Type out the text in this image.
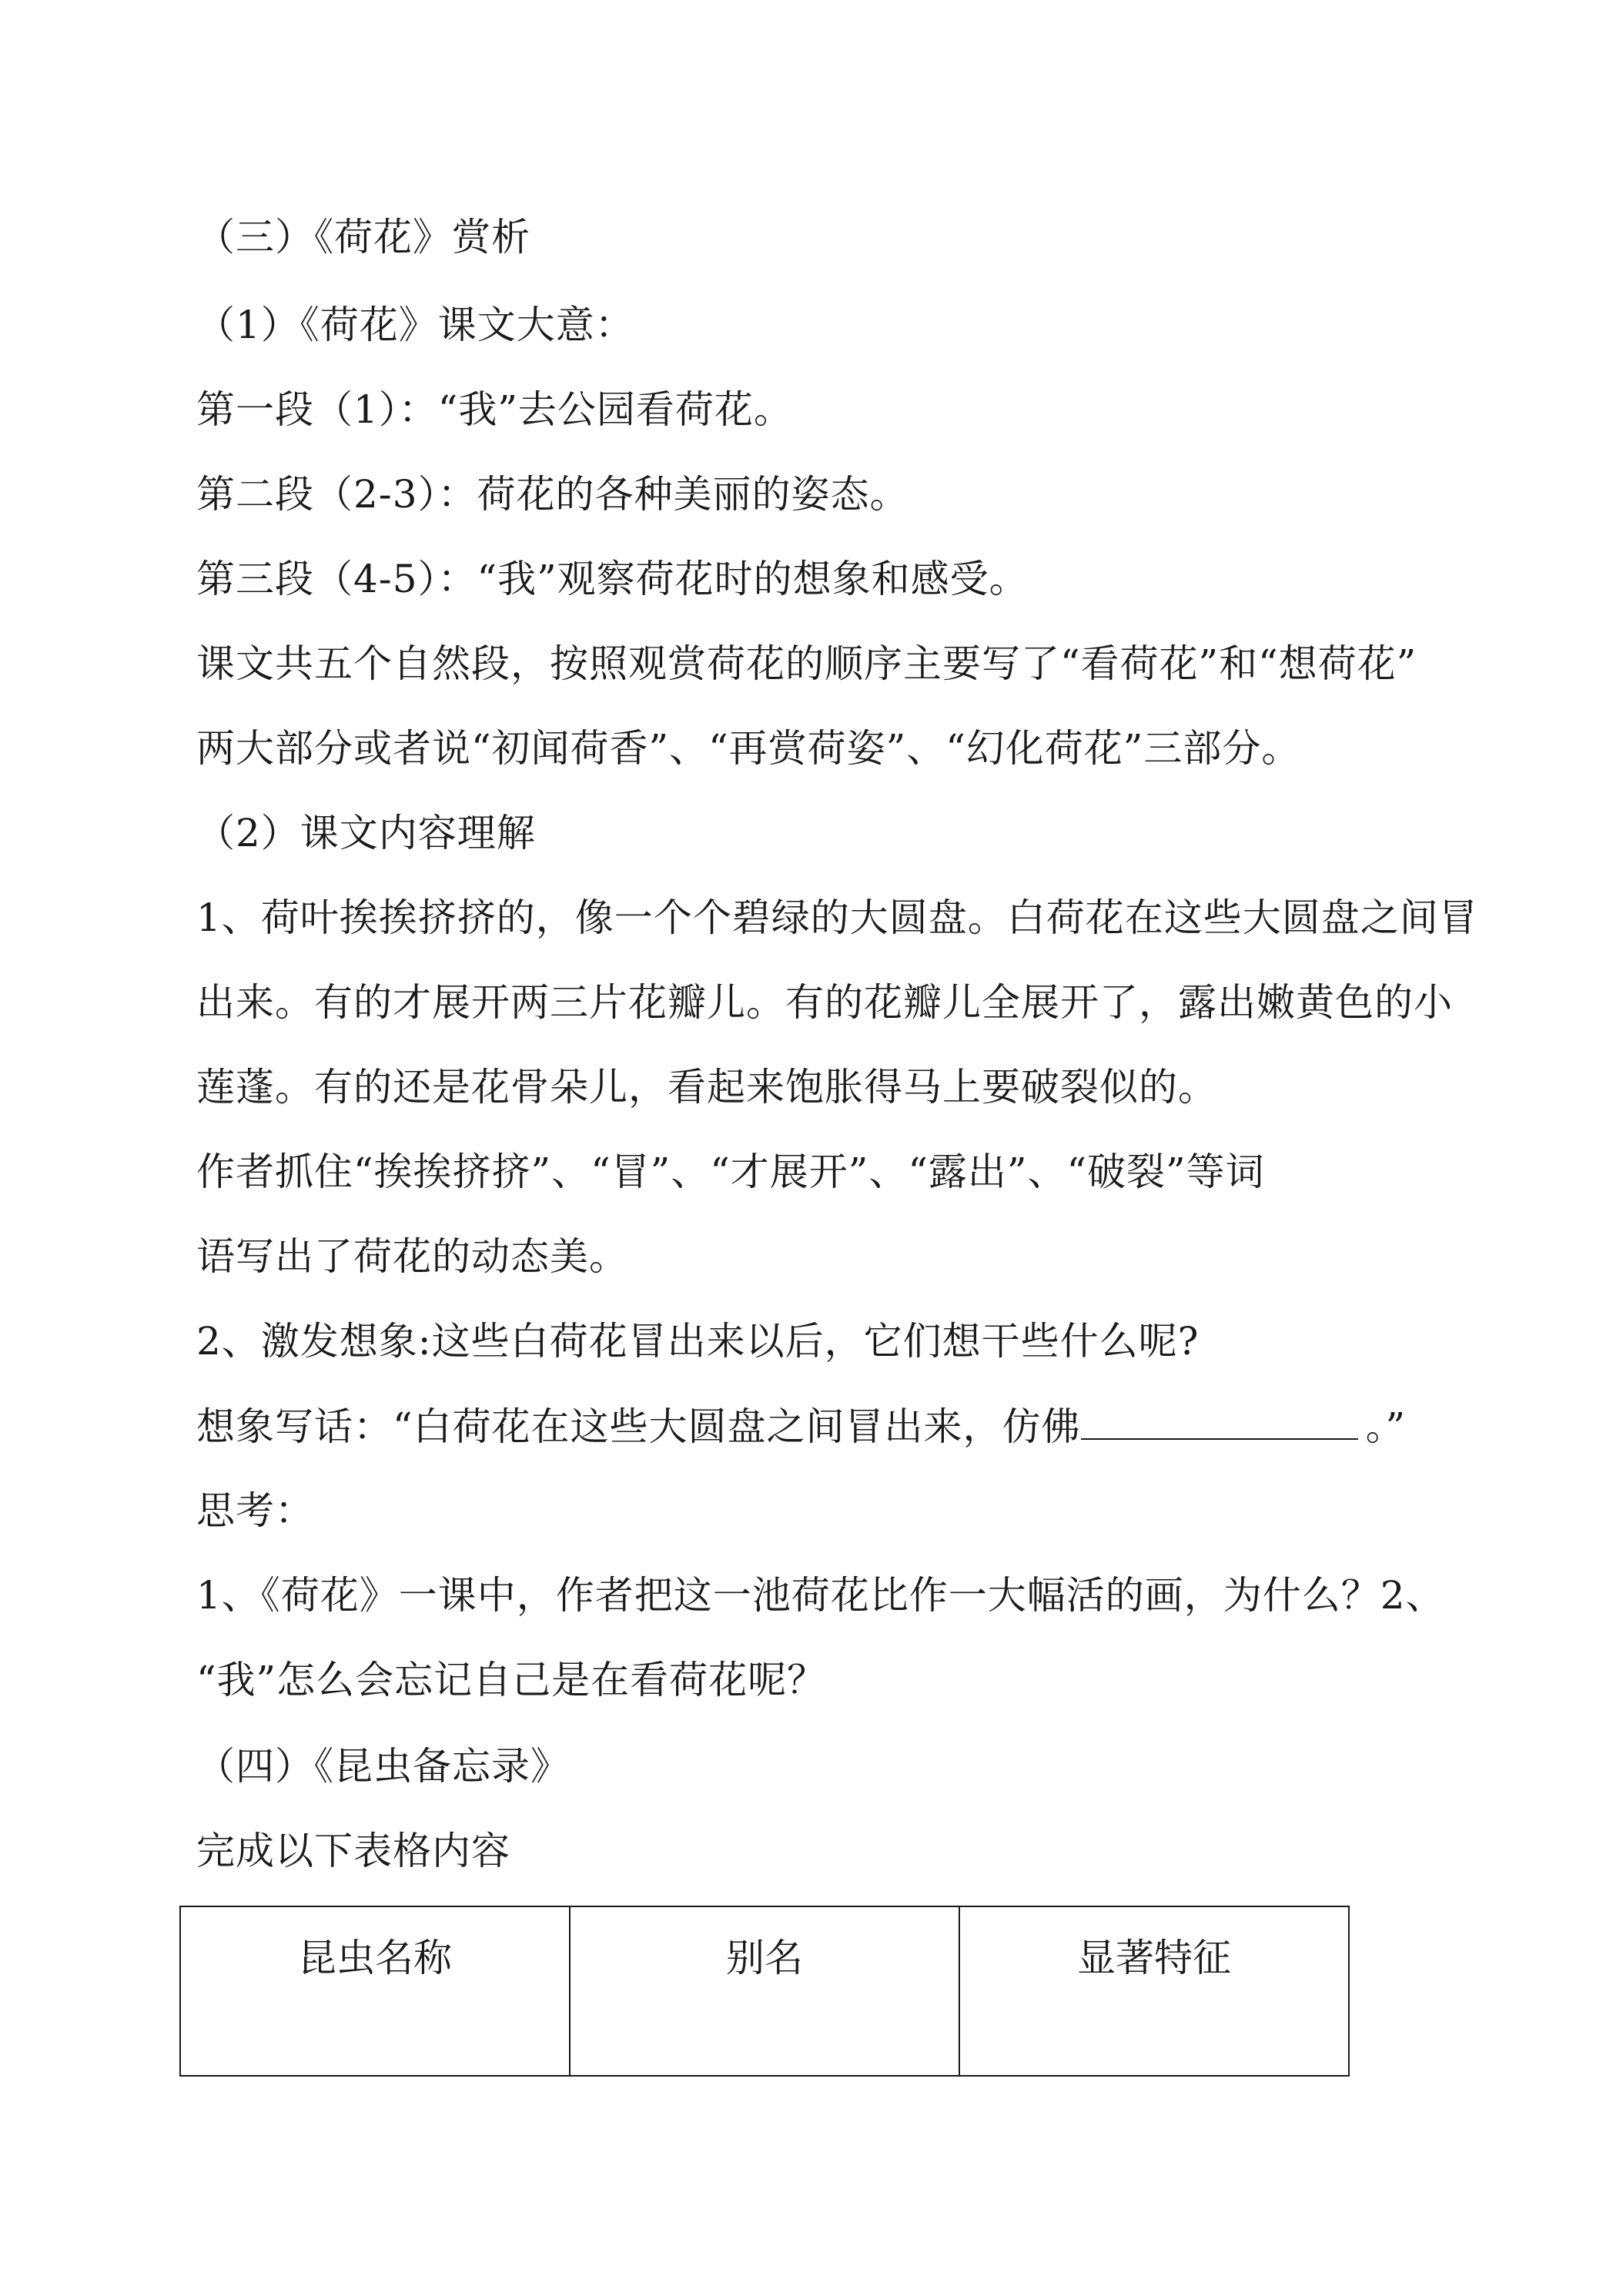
（三）《荷花》赏析
（1）《荷花》课文大意：
第一段（1）：“我”去公园看荷花。
第二段（2-3）：荷花的各种美丽的姿态。
第三段（4-5）：“我”观察荷花时的想象和感受。
课文共五个自然段，按照观赏荷花的顺序主要写了“看荷花”和“想荷花”
两大部分或者说“初闻荷香”、“再赏荷姿”、“幻化荷花”三部分。
（2）课文内容理解
1、荷叶挨挨挤挤的，像一个个碧绿的大圆盘。白荷花在这些大圆盘之间冒
出来。有的才展开两三片花瓣儿。有的花瓣儿全展开了，露出嫩黄色的小
莲蓬。有的还是花骨朵儿，看起来饱胀得马上要破裂似的。
作者抓住“挨挨挤挤”、“冒”、“才展开”、“露出”、“破裂”等词
语写出了荷花的动态美。
2、激发想象:这些白荷花冒出来以后，它们想干些什么呢?
想象写话：“白荷花在这些大圆盘之间冒出来，仿佛	。”
思考：
1、《荷花》一课中，作者把这一池荷花比作一大幅活的画，为什么？2、
“我”怎么会忘记自己是在看荷花呢？
（四）《昆虫备忘录》
完成以下表格内容
昆虫名称	别名	显著特征
